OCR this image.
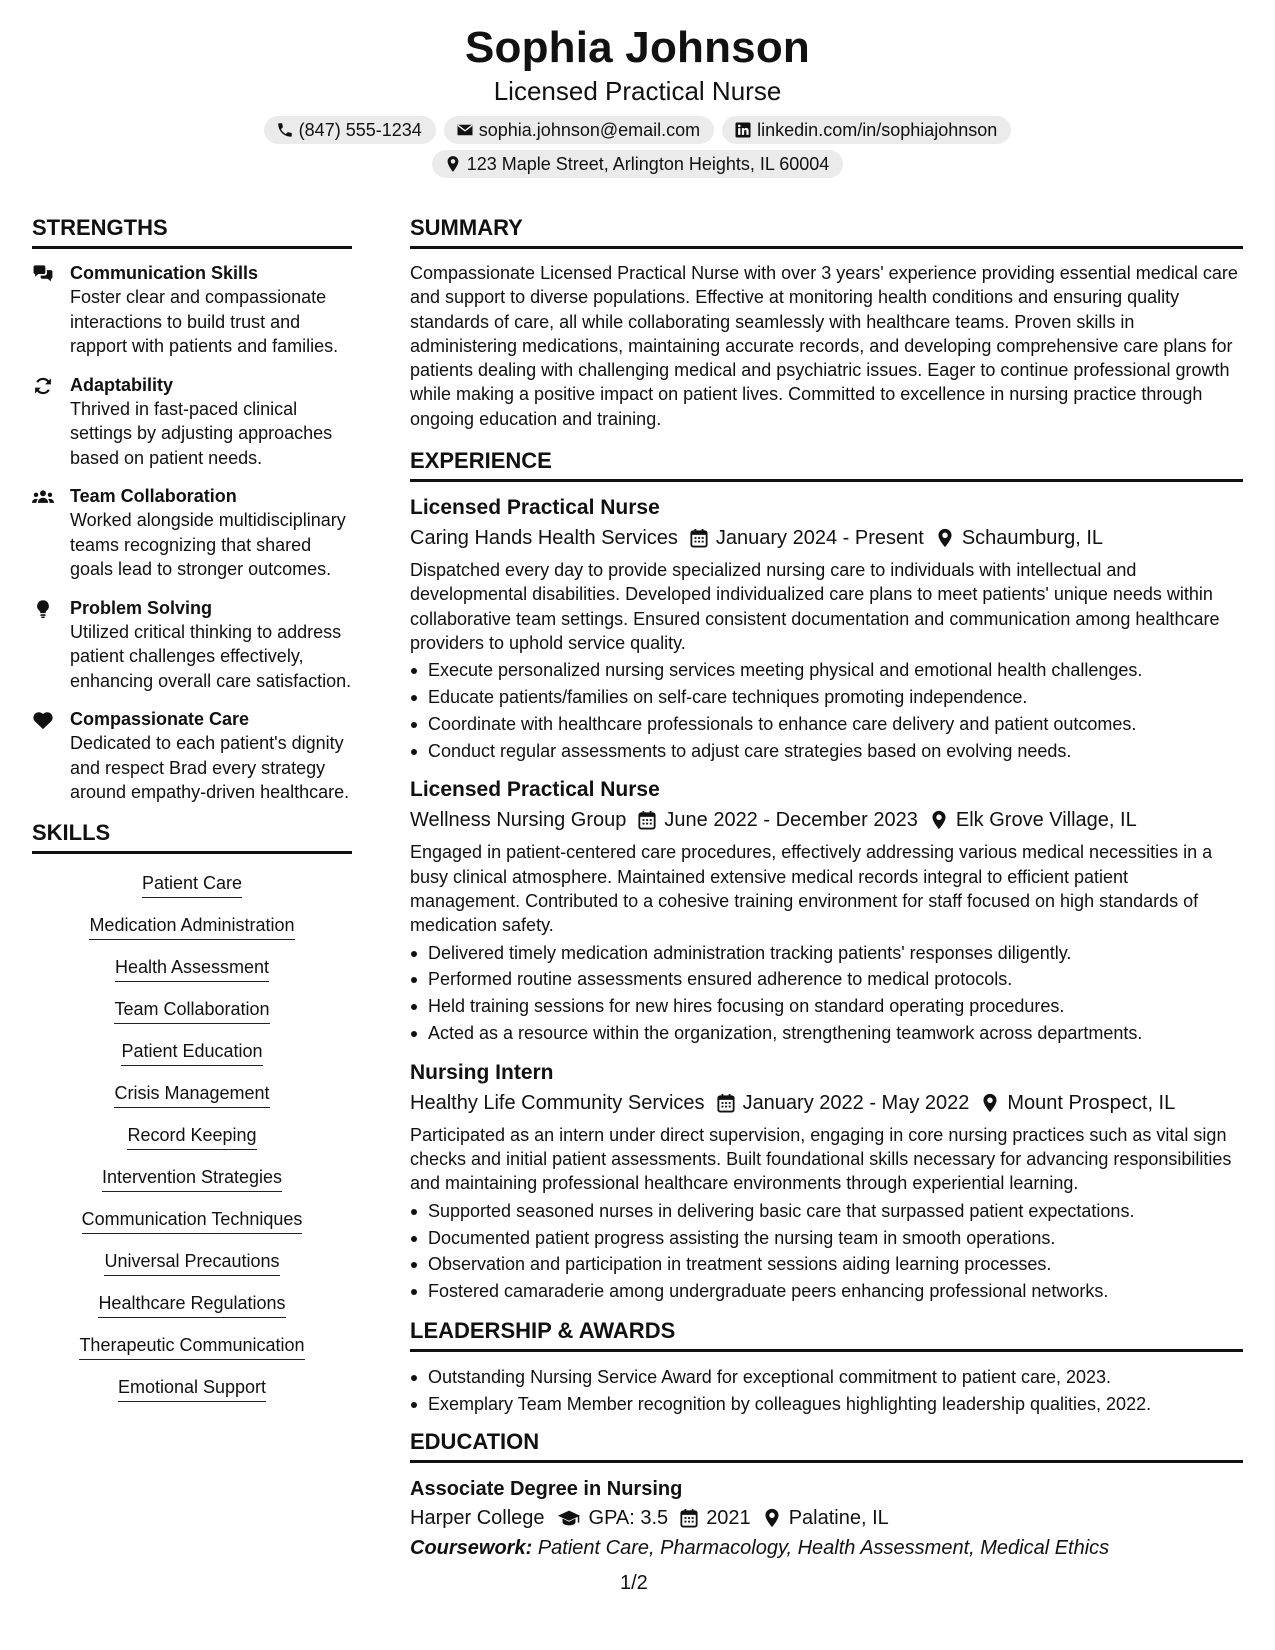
Sophia Johnson
Licensed Practical Nurse
(847) 555-1234	sophia.johnson@email.com	linkedin.com/in/sophiajohnson
123 Maple Street, Arlington Heights, IL 60004
STRENGTHS
Communication Skills
Foster clear and compassionate interactions to build trust and rapport with patients and families.
Adaptability
Thrived in fast-paced clinical settings by adjusting approaches based on patient needs.
Team Collaboration
Worked alongside multidisciplinary teams recognizing that shared goals lead to stronger outcomes.
Problem Solving
Utilized critical thinking to address patient challenges effectively, enhancing overall care satisfaction.
Compassionate Care
Dedicated to each patient's dignity and respect Brad every strategy around empathy-driven healthcare.
SKILLS
Patient Care
Medication Administration
Health Assessment
Team Collaboration
Patient Education
Crisis Management
Record Keeping
Intervention Strategies
Communication Techniques
Universal Precautions
Healthcare Regulations
Therapeutic Communication
Emotional Support
SUMMARY
Compassionate Licensed Practical Nurse with over 3 years' experience providing essential medical care and support to diverse populations. Effective at monitoring health conditions and ensuring quality standards of care, all while collaborating seamlessly with healthcare teams. Proven skills in administering medications, maintaining accurate records, and developing comprehensive care plans for patients dealing with challenging medical and psychiatric issues. Eager to continue professional growth while making a positive impact on patient lives. Committed to excellence in nursing practice through ongoing education and training.
EXPERIENCE
Licensed Practical Nurse
Caring Hands Health Services January 2024 - Present Schaumburg, IL
Dispatched every day to provide specialized nursing care to individuals with intellectual and developmental disabilities. Developed individualized care plans to meet patients' unique needs within collaborative team settings. Ensured consistent documentation and communication among healthcare providers to uphold service quality.
Execute personalized nursing services meeting physical and emotional health challenges.
Educate patients/families on self-care techniques promoting independence.
Coordinate with healthcare professionals to enhance care delivery and patient outcomes.
Conduct regular assessments to adjust care strategies based on evolving needs.
Licensed Practical Nurse
Wellness Nursing Group June 2022 - December 2023 Elk Grove Village, IL
Engaged in patient-centered care procedures, effectively addressing various medical necessities in a busy clinical atmosphere. Maintained extensive medical records integral to efficient patient management. Contributed to a cohesive training environment for staff focused on high standards of medication safety.
Delivered timely medication administration tracking patients' responses diligently.
Performed routine assessments ensured adherence to medical protocols.
Held training sessions for new hires focusing on standard operating procedures.
Acted as a resource within the organization, strengthening teamwork across departments.
Nursing Intern
Healthy Life Community Services January 2022 - May 2022 Mount Prospect, IL
Participated as an intern under direct supervision, engaging in core nursing practices such as vital sign checks and initial patient assessments. Built foundational skills necessary for advancing responsibilities and maintaining professional healthcare environments through experiential learning.
Supported seasoned nurses in delivering basic care that surpassed patient expectations.
Documented patient progress assisting the nursing team in smooth operations.
Observation and participation in treatment sessions aiding learning processes.
Fostered camaraderie among undergraduate peers enhancing professional networks.
LEADERSHIP & AWARDS
Outstanding Nursing Service Award for exceptional commitment to patient care, 2023.
Exemplary Team Member recognition by colleagues highlighting leadership qualities, 2022.
EDUCATION
Associate Degree in Nursing
Harper College GPA: 3.5 2021 Palatine, IL
Coursework: Patient Care, Pharmacology, Health Assessment, Medical Ethics
1/2
